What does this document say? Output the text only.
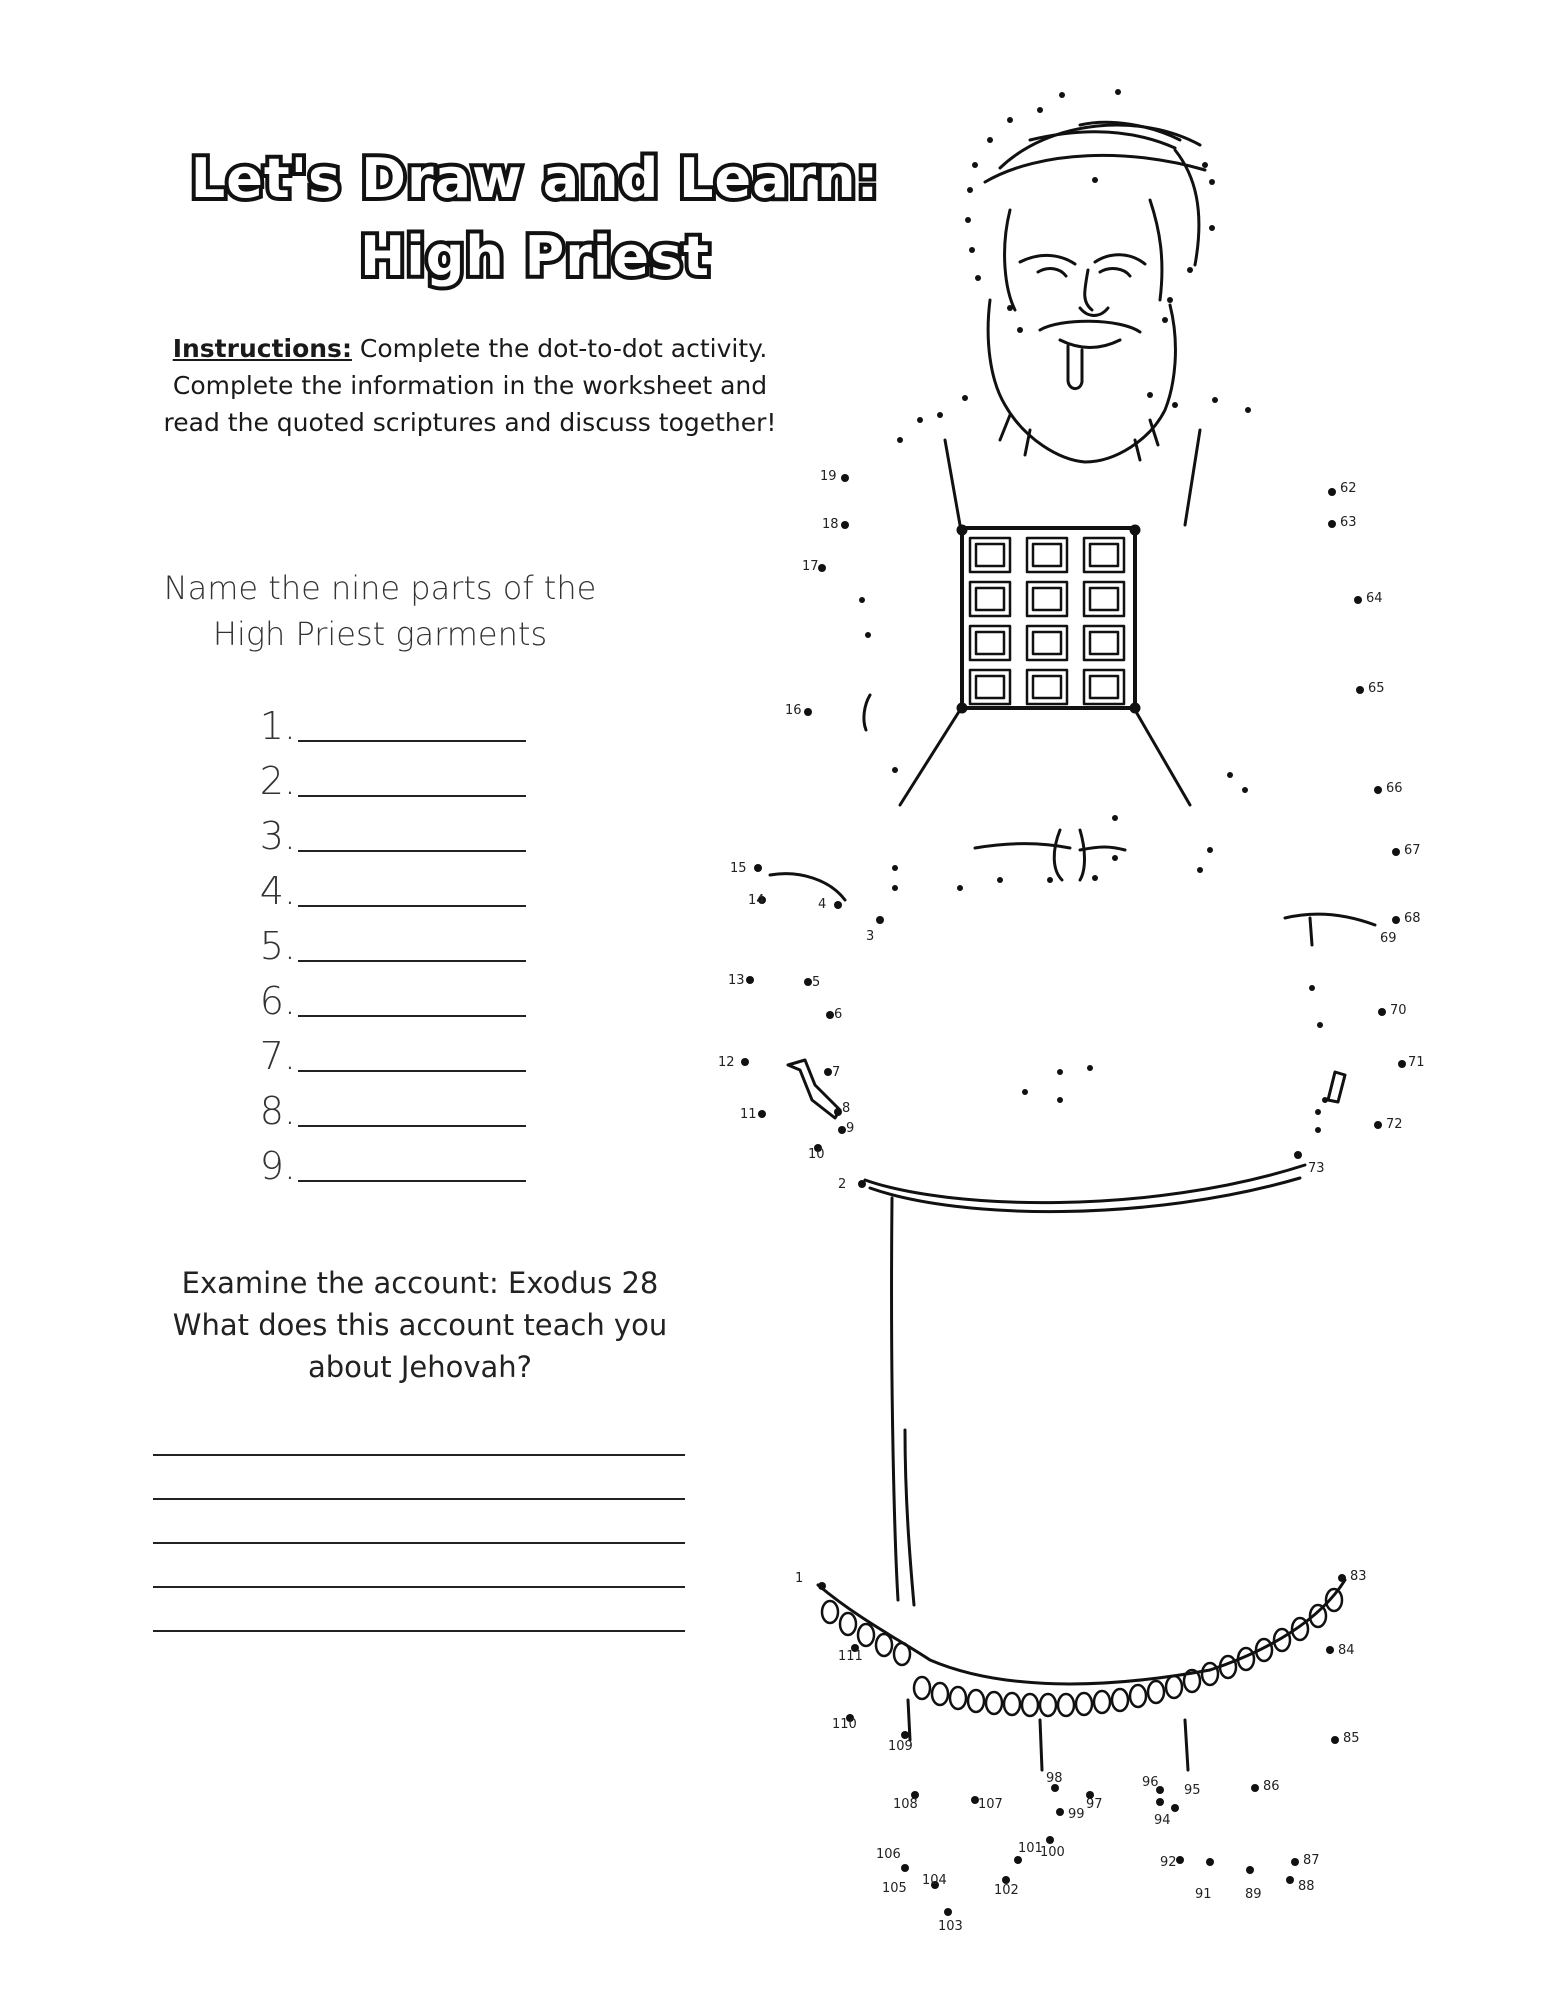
Let's Draw and Learn:
High Priest
Instructions: Complete the dot-to-dot activity.
Complete the information in the worksheet and
read the quoted scriptures and discuss together!
Name the nine parts of the
High Priest garments
1.
2.
3.
4.
5.
6.
7.
8.
9.
Examine the account: Exodus 28
What does this account teach you
about Jehovah?
1
2
3
4
5
6
7
8
9
10
11
12
13
14
15
16
17
18
19
62
63
64
65
66
67
68
69
70
71
72
73
83
84
85
86
87
88
89
91
92
94
95
96
97
98
99
100
101
102
103
104
105
106
107
108
109
110
111
